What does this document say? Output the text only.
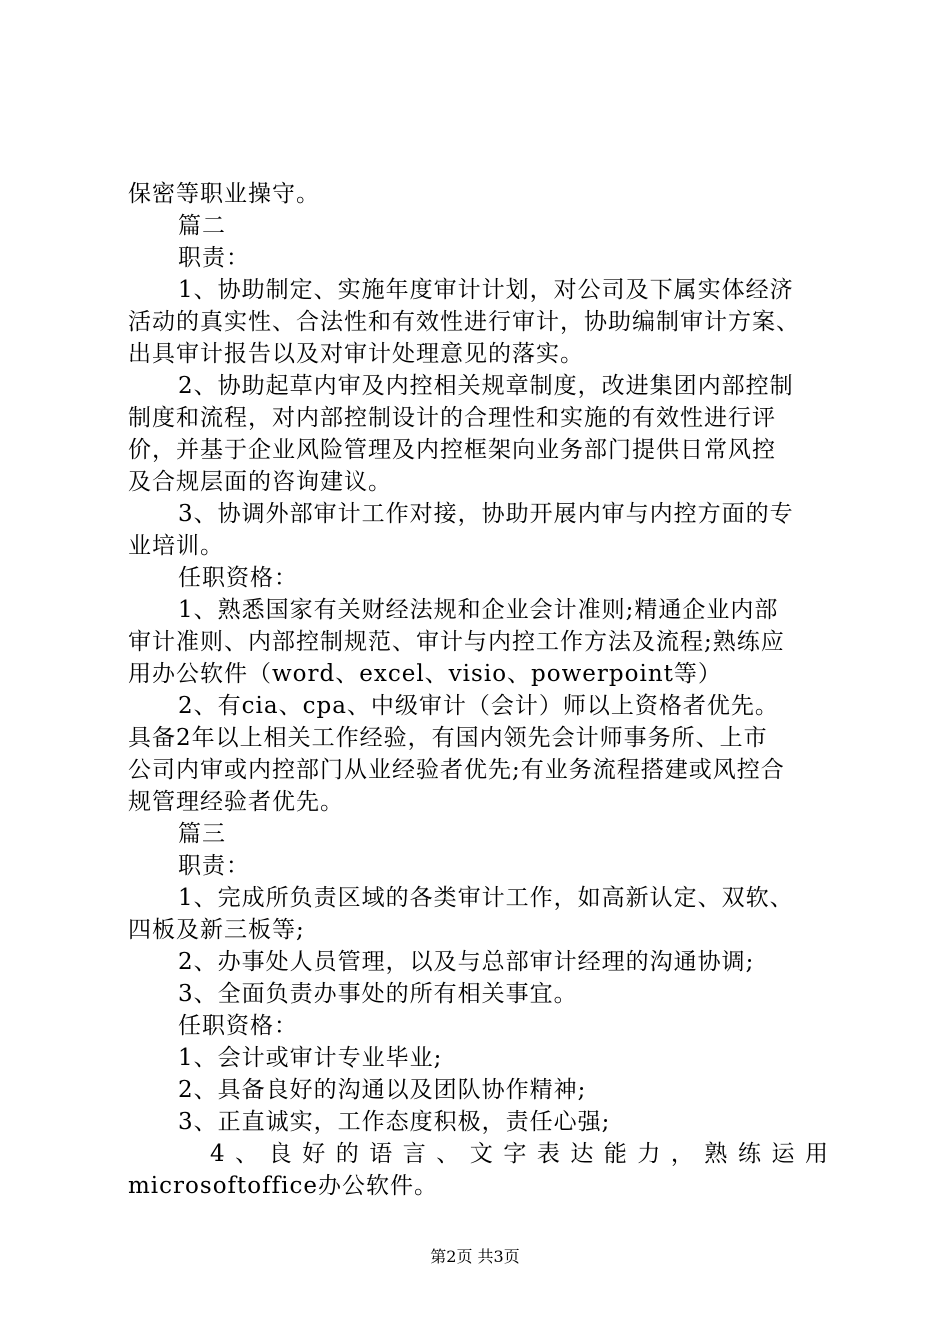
保密等职业操守。
篇二
职责：
1、协助制定、实施年度审计计划，对公司及下属实体经济
活动的真实性、合法性和有效性进行审计，协助编制审计方案、
出具审计报告以及对审计处理意见的落实。
2、协助起草内审及内控相关规章制度，改进集团内部控制
制度和流程，对内部控制设计的合理性和实施的有效性进行评
价，并基于企业风险管理及内控框架向业务部门提供日常风控
及合规层面的咨询建议。
3、协调外部审计工作对接，协助开展内审与内控方面的专
业培训。
任职资格：
1、熟悉国家有关财经法规和企业会计准则;精通企业内部
审计准则、内部控制规范、审计与内控工作方法及流程;熟练应
用办公软件（word、excel、visio、powerpoint等）
2、有cia、cpa、中级审计（会计）师以上资格者优先。
具备2年以上相关工作经验，有国内领先会计师事务所、上市
公司内审或内控部门从业经验者优先;有业务流程搭建或风控合
规管理经验者优先。
篇三
职责：
1、完成所负责区域的各类审计工作，如高新认定、双软、
四板及新三板等;
2、办事处人员管理，以及与总部审计经理的沟通协调;
3、全面负责办事处的所有相关事宜。
任职资格：
1、会计或审计专业毕业;
2、具备良好的沟通以及团队协作精神;
3、正直诚实，工作态度积极，责任心强;
4、良好的语言、文字表达能力，熟练运用
microsoftoffice办公软件。
第2页 共3页
